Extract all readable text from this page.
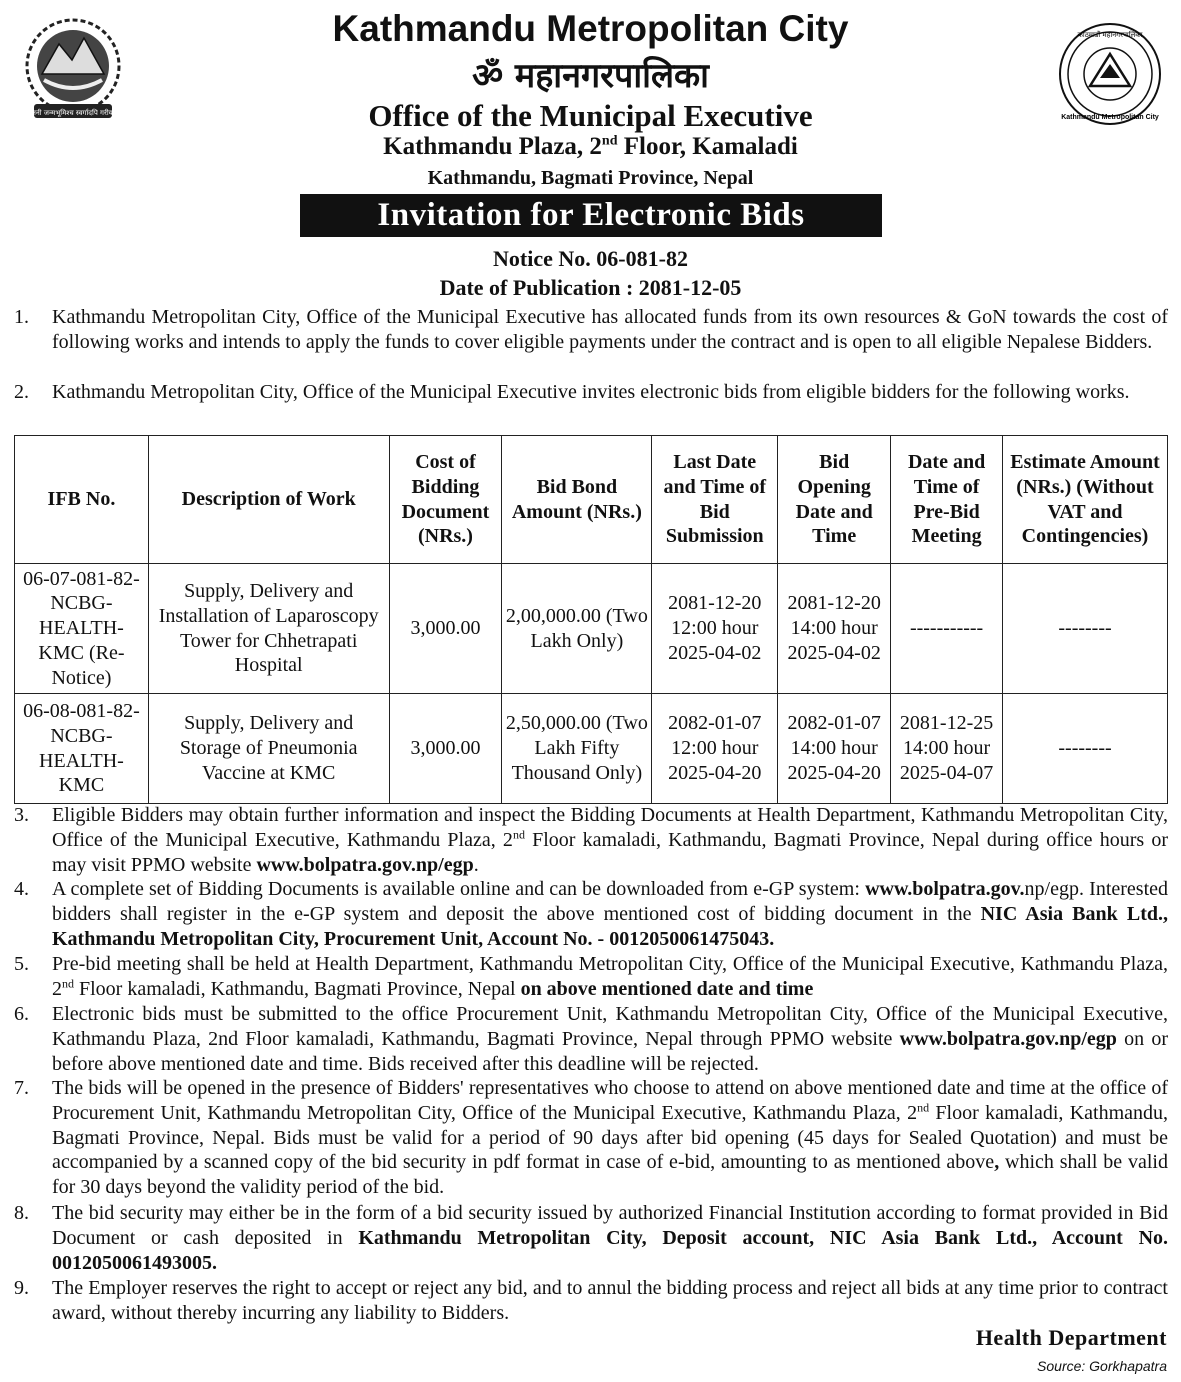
जननी जन्मभूमिश्च स्वर्गादपि गरीयसी
काठमाडौं महानगरपालिका
Kathmandu Metropolitan City
Kathmandu Metropolitan City
ॐ महानगरपालिका
Office of the Municipal Executive
Kathmandu Plaza, 2nd Floor, Kamaladi
Kathmandu, Bagmati Province, Nepal
Invitation for Electronic Bids
Notice No. 06-081-82
Date of Publication : 2081-12-05
1.	Kathmandu Metropolitan City, Office of the Municipal Executive has allocated funds from its own resources & GoN towards the cost of following works and intends to apply the funds to cover eligible payments under the contract and is open to all eligible Nepalese Bidders.
2.	Kathmandu Metropolitan City, Office of the Municipal Executive invites electronic bids from eligible bidders for the following works.
IFB No.	Description of Work	Cost of Bidding Document (NRs.)	Bid Bond Amount (NRs.)	Last Date and Time of Bid Submission	Bid Opening Date and Time	Date and Time of Pre-Bid Meeting	Estimate Amount (NRs.) (Without VAT and Contingencies)
06-07-081-82-NCBG-HEALTH-KMC (Re-Notice)	Supply, Delivery and Installation of Laparoscopy Tower for Chhetrapati Hospital	3,000.00	2,00,000.00 (Two Lakh Only)	2081-12-20 12:00 hour 2025-04-02	2081-12-20 14:00 hour 2025-04-02	-----------	--------
06-08-081-82-NCBG-HEALTH-KMC	Supply, Delivery and Storage of Pneumonia Vaccine at KMC	3,000.00	2,50,000.00 (Two Lakh Fifty Thousand Only)	2082-01-07 12:00 hour 2025-04-20	2082-01-07 14:00 hour 2025-04-20	2081-12-25 14:00 hour 2025-04-07	--------
3.	Eligible Bidders may obtain further information and inspect the Bidding Documents at Health Department, Kathmandu Metropolitan City, Office of the Municipal Executive, Kathmandu Plaza, 2nd Floor kamaladi, Kathmandu, Bagmati Province, Nepal during office hours or may visit PPMO website www.bolpatra.gov.np/egp.
4.	A complete set of Bidding Documents is available online and can be downloaded from e-GP system: www.bolpatra.gov.np/egp. Interested bidders shall register in the e-GP system and deposit the above mentioned cost of bidding document in the NIC Asia Bank Ltd., Kathmandu Metropolitan City, Procurement Unit, Account No. - 0012050061475043.
5.	Pre-bid meeting shall be held at Health Department, Kathmandu Metropolitan City, Office of the Municipal Executive, Kathmandu Plaza, 2nd Floor kamaladi, Kathmandu, Bagmati Province, Nepal on above mentioned date and time
6.	Electronic bids must be submitted to the office Procurement Unit, Kathmandu Metropolitan City, Office of the Municipal Executive, Kathmandu Plaza, 2nd Floor kamaladi, Kathmandu, Bagmati Province, Nepal through PPMO website www.bolpatra.gov.np/egp on or before above mentioned date and time. Bids received after this deadline will be rejected.
7.	The bids will be opened in the presence of Bidders' representatives who choose to attend on above mentioned date and time at the office of Procurement Unit, Kathmandu Metropolitan City, Office of the Municipal Executive, Kathmandu Plaza, 2nd Floor kamaladi, Kathmandu, Bagmati Province, Nepal. Bids must be valid for a period of 90 days after bid opening (45 days for Sealed Quotation) and must be accompanied by a scanned copy of the bid security in pdf format in case of e-bid, amounting to as mentioned above, which shall be valid for 30 days beyond the validity period of the bid.
8.	The bid security may either be in the form of a bid security issued by authorized Financial Institution according to format provided in Bid Document or cash deposited in Kathmandu Metropolitan City, Deposit account, NIC Asia Bank Ltd., Account No. 0012050061493005.
9.	The Employer reserves the right to accept or reject any bid, and to annul the bidding process and reject all bids at any time prior to contract award, without thereby incurring any liability to Bidders.
Health Department
Source: Gorkhapatra
